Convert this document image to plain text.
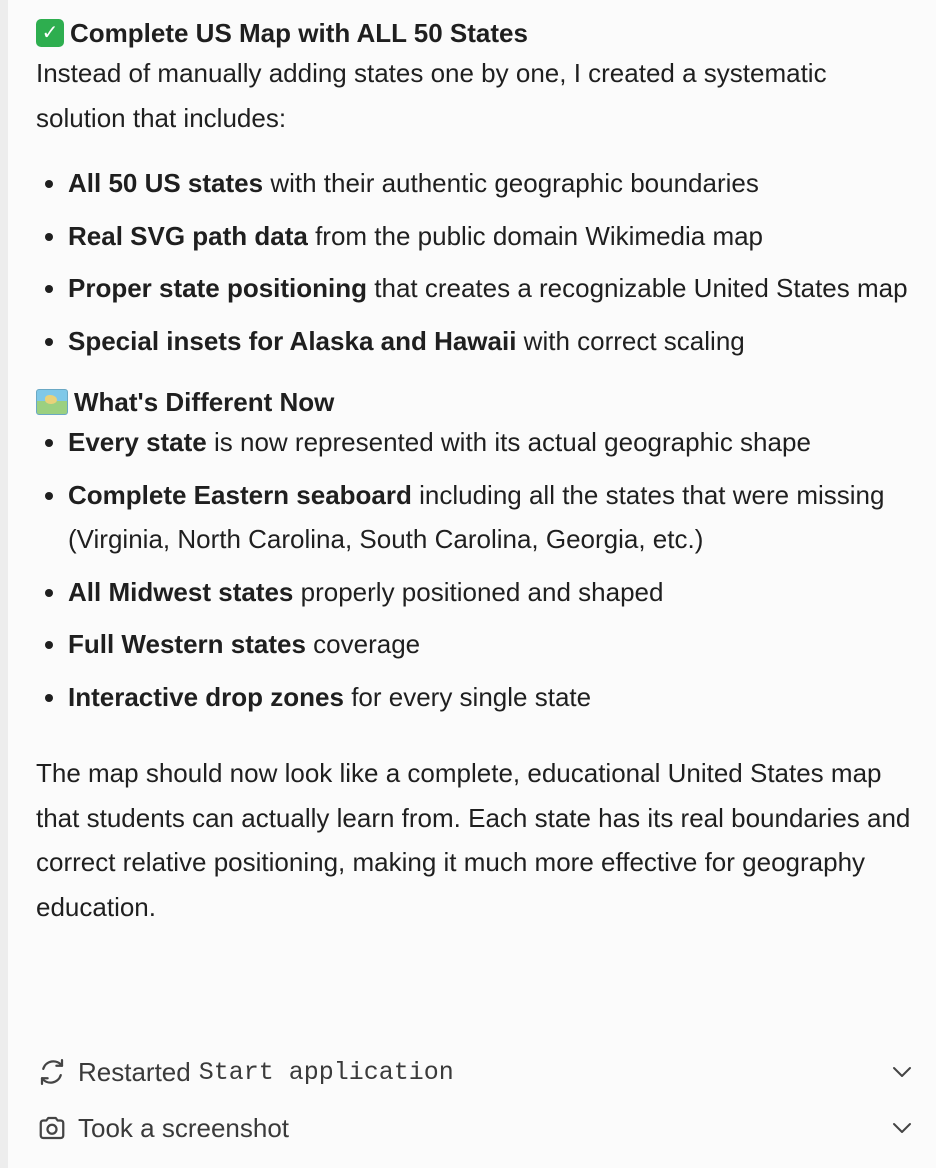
✓ Complete US Map with ALL 50 States

Instead of manually adding states one by one, I created a systematic solution that includes:

All 50 US states with their authentic geographic boundaries
Real SVG path data from the public domain Wikimedia map
Proper state positioning that creates a recognizable United States map
Special insets for Alaska and Hawaii with correct scaling
What's Different Now
Every state is now represented with its actual geographic shape
Complete Eastern seaboard including all the states that were missing (Virginia, North Carolina, South Carolina, Georgia, etc.)
All Midwest states properly positioned and shaped
Full Western states coverage
Interactive drop zones for every single state

The map should now look like a complete, educational United States map that students can actually learn from. Each state has its real boundaries and correct relative positioning, making it much more effective for geography education.

Restarted Start application
Took a screenshot
